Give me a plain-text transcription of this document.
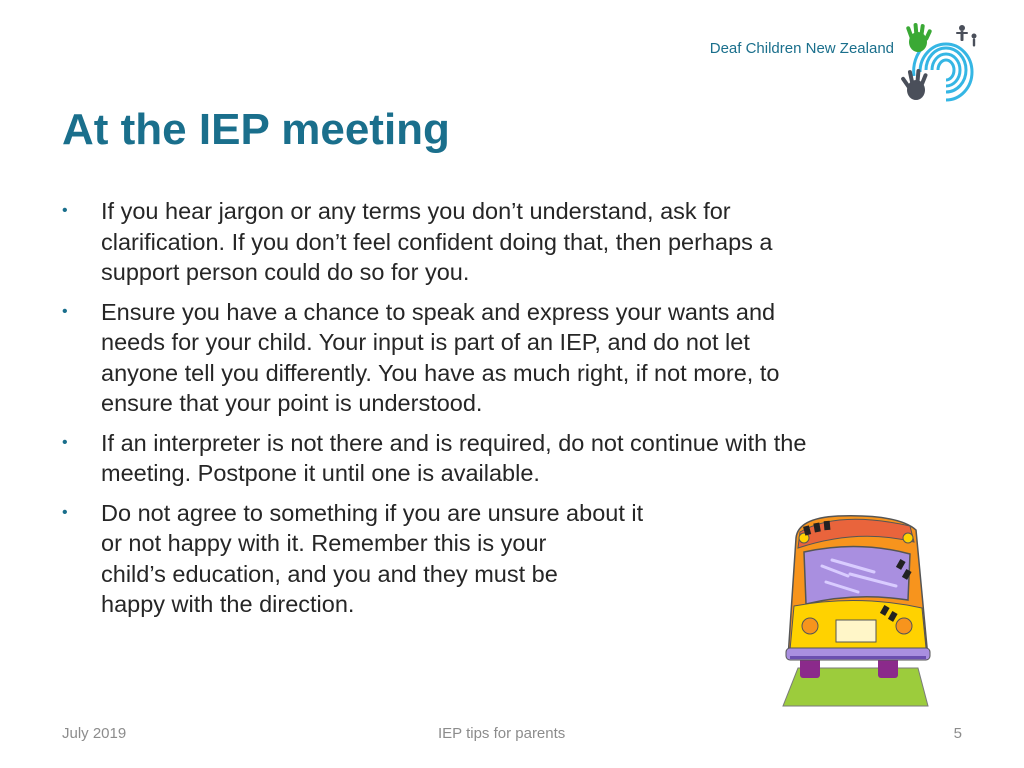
Deaf Children New Zealand
At the IEP meeting
• If you hear jargon or any terms you don’t understand, ask for
clarification. If you don’t feel confident doing that, then perhaps a
support person could do so for you.
• Ensure you have a chance to speak and express your wants and
needs for your child. Your input is part of an IEP, and do not let
anyone tell you differently. You have as much right, if not more, to
ensure that your point is understood.
• If an interpreter is not there and is required, do not continue with the
meeting. Postpone it until one is available.
• Do not agree to something if you are unsure about it
or not happy with it. Remember this is your
child’s education, and you and they must be
happy with the direction.
July 2019	IEP tips for parents	5
